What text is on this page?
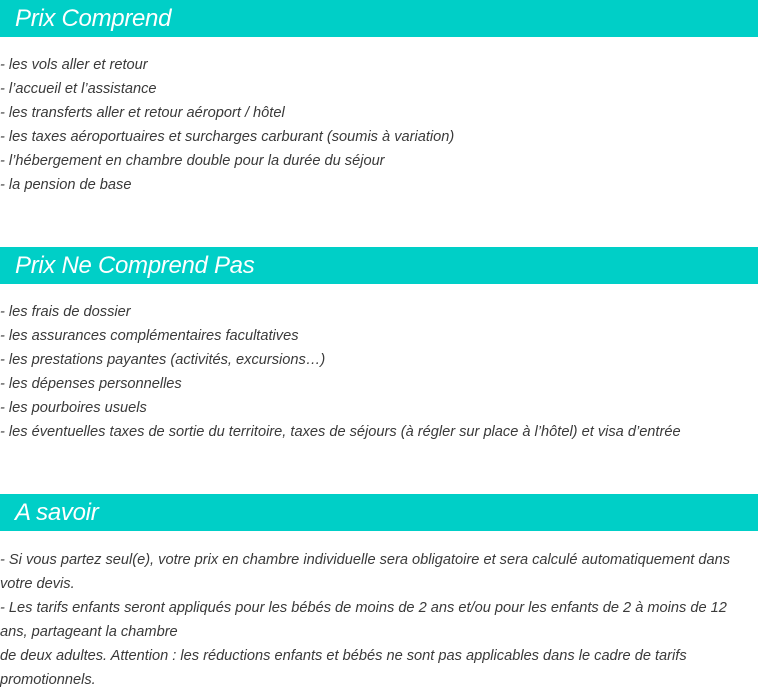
Prix Comprend
- les vols aller et retour
- l’accueil et l’assistance
- les transferts aller et retour aéroport / hôtel
- les taxes aéroportuaires et surcharges carburant (soumis à variation)
- l’hébergement en chambre double pour la durée du séjour
- la pension de base
Prix Ne Comprend Pas
- les frais de dossier
- les assurances complémentaires facultatives
- les prestations payantes (activités, excursions…)
- les dépenses personnelles
- les pourboires usuels
- les éventuelles taxes de sortie du territoire, taxes de séjours (à régler sur place à l’hôtel) et visa d’entrée
A savoir

- Si vous partez seul(e), votre prix en chambre individuelle sera obligatoire et sera calculé automatiquement dans votre devis.

- Les tarifs enfants seront appliqués pour les bébés de moins de 2 ans et/ou pour les enfants de 2 à moins de 12 ans, partageant la chambre

de deux adultes. Attention : les réductions enfants et bébés ne sont pas applicables dans le cadre de tarifs promotionnels.
